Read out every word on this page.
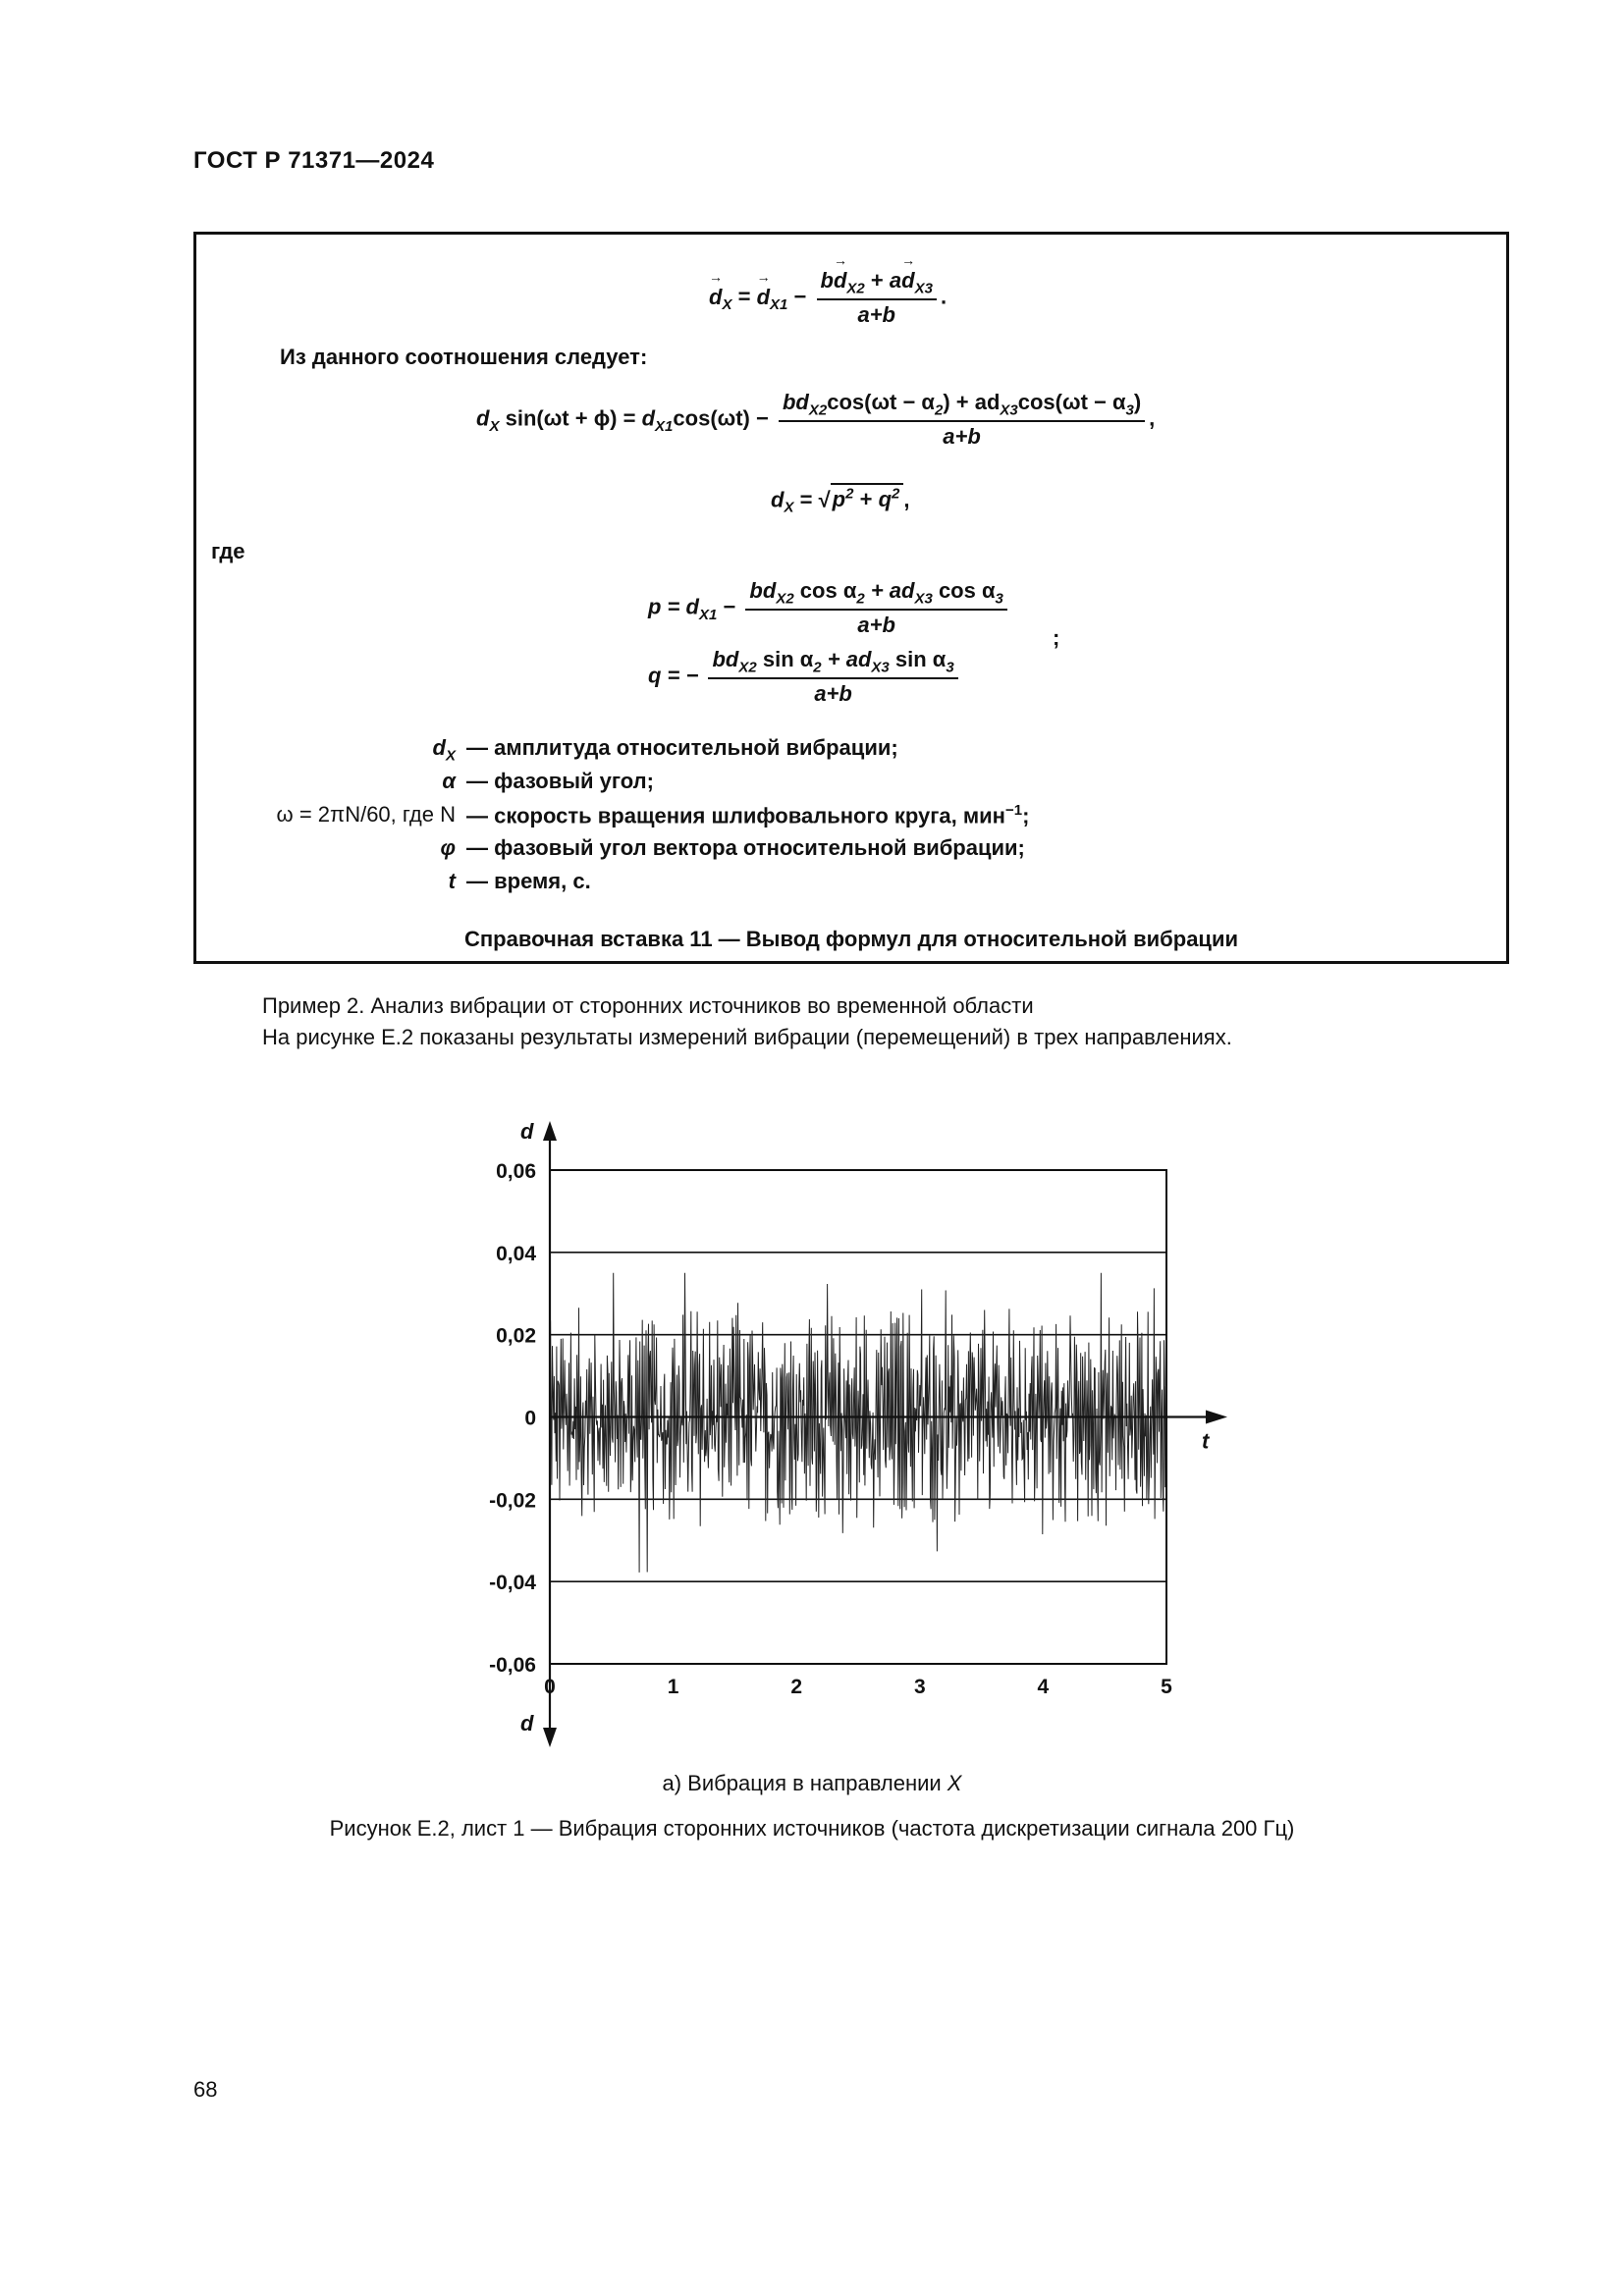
ГОСТ Р 71371—2024
→ $d_X$ = → $d_{X1} - \frac{b\to d_{X2} + a\to d_{X3}}{a+b}$ .
Из данного соотношения следует:
$d_X$ $\sin(\omega t + \phi) = d_{X1}\cos(\omega t) - \frac{bd_{X2}\cos(\omega t - \alpha_2) + ad_{X3}\cos(\omega t - \alpha_3)}{a+b}$ ,
$d_X = √p^2 + q^2$ ,
где
$p = d_{X1} - \frac{bd_{X2} \cos \alpha_2 + ad_{X3} \cos \alpha_3}{a+b}$ ;
q = − $\frac{bd_{X2} \sin \alpha_2 + ad_{X3} \sin \alpha_3}{a+b}$
$d_X$ — амплитуда относительной вибрации;
α — фазовый угол;
ω = 2πN/60, где N — скорость вращения шлифовального круга, мин$^{-1}$;
φ — фазовый угол вектора относительной вибрации;
t — время, с.
Справочная вставка 11 — Вывод формул для относительной вибрации
Пример 2. Анализ вибрации от сторонних источников во временной области
На рисунке Е.2 показаны результаты измерений вибрации (перемещений) в трех направлениях.
0,06
0,04
0,02
0
-0,02
-0,04
-0,06
0	1	2	3	4	5
d
d
t
а) Вибрация в направлении X
Рисунок Е.2, лист 1 — Вибрация сторонних источников (частота дискретизации сигнала 200 Гц)
68
